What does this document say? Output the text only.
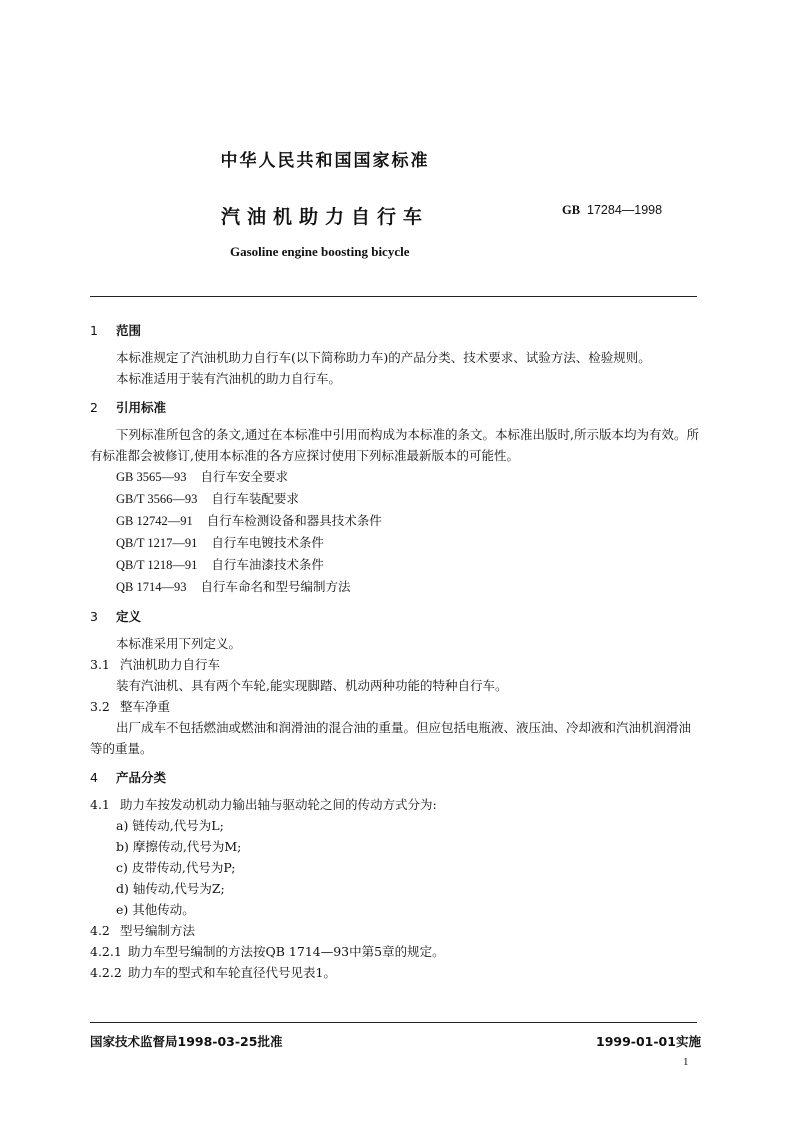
中华人民共和国国家标准
汽油机助力自行车	GB 17284—1998
Gasoline engine boosting bicycle
1 范围
本标准规定了汽油机助力自行车(以下简称助力车)的产品分类、技术要求、试验方法、检验规则。
本标准适用于装有汽油机的助力自行车。
2 引用标准
下列标准所包含的条文,通过在本标准中引用而构成为本标准的条文。本标准出版时,所示版本均为有效。所有标准都会被修订,使用本标准的各方应探讨使用下列标准最新版本的可能性。
GB 3565—93 自行车安全要求
GB/T 3566—93 自行车装配要求
GB 12742—91 自行车检测设备和器具技术条件
QB/T 1217—91 自行车电镀技术条件
QB/T 1218—91 自行车油漆技术条件
QB 1714—93 自行车命名和型号编制方法
3 定义
本标准采用下列定义。
3.1 汽油机助力自行车
装有汽油机、具有两个车轮,能实现脚踏、机动两种功能的特种自行车。
3.2 整车净重
出厂成车不包括燃油或燃油和润滑油的混合油的重量。但应包括电瓶液、液压油、冷却液和汽油机润滑油等的重量。
4 产品分类
4.1 助力车按发动机动力输出轴与驱动轮之间的传动方式分为:
a) 链传动,代号为L;
b) 摩擦传动,代号为M;
c) 皮带传动,代号为P;
d) 轴传动,代号为Z;
e) 其他传动。
4.2 型号编制方法
4.2.1 助力车型号编制的方法按QB 1714—93中第5章的规定。
4.2.2 助力车的型式和车轮直径代号见表1。
国家技术监督局1998-03-25批准	1999-01-01实施
1
